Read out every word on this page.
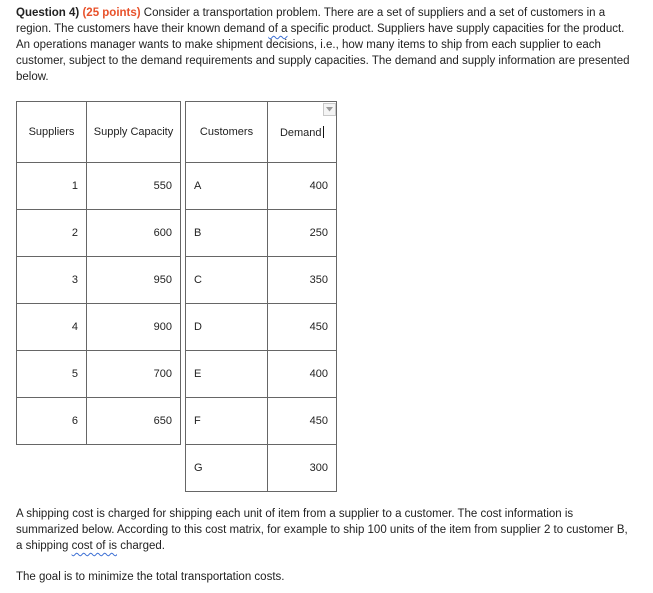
Question 4) (25 points) Consider a transportation problem. There are a set of suppliers and a set of customers in a region. The customers have their known demand of a specific product. Suppliers have supply capacities for the product. An operations manager wants to make shipment decisions, i.e., how many items to ship from each supplier to each customer, subject to the demand requirements and supply capacities. The demand and supply information are presented below.
Suppliers	Supply Capacity
1	550
2	600
3	950
4	900
5	700
6	650
Customers	Demand
A	400
B	250
C	350
D	450
E	400
F	450
G	300
A shipping cost is charged for shipping each unit of item from a supplier to a customer. The cost information is summarized below. According to this cost matrix, for example to ship 100 units of the item from supplier 2 to customer B, a shipping cost of is charged.
The goal is to minimize the total transportation costs.
